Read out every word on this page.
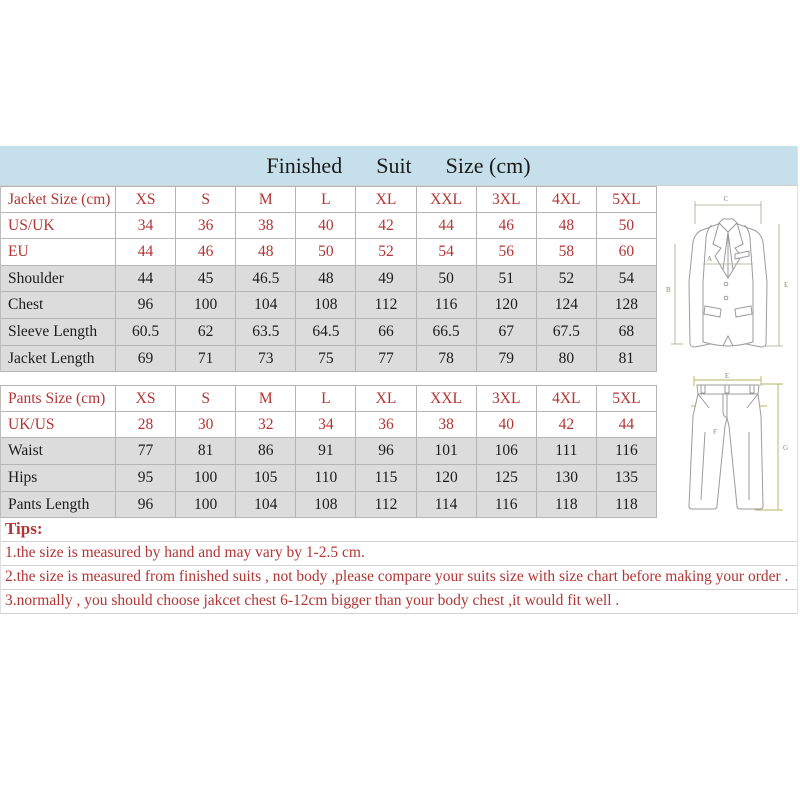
Finished Suit Size (cm)
Jacket Size (cm)	XS	S	M	L	XL	XXL	3XL	4XL	5XL
US/UK	34	36	38	40	42	44	46	48	50
EU	44	46	48	50	52	54	56	58	60
Shoulder	44	45	46.5	48	49	50	51	52	54
Chest	96	100	104	108	112	116	120	124	128
Sleeve Length	60.5	62	63.5	64.5	66	66.5	67	67.5	68
Jacket Length	69	71	73	75	77	78	79	80	81
Pants Size (cm)	XS	S	M	L	XL	XXL	3XL	4XL	5XL
UK/US	28	30	32	34	36	38	40	42	44
Waist	77	81	86	91	96	101	106	111	116
Hips	95	100	105	110	115	120	125	130	135
Pants Length	96	100	104	108	112	114	116	118	118
C
E
B
A
E
G
F
Tips:
1.the size is measured by hand and may vary by 1-2.5 cm.
2.the size is measured from finished suits , not body ,please compare your suits size with size chart before making your order .
3.normally , you should choose jakcet chest 6-12cm bigger than your body chest ,it would fit well .
